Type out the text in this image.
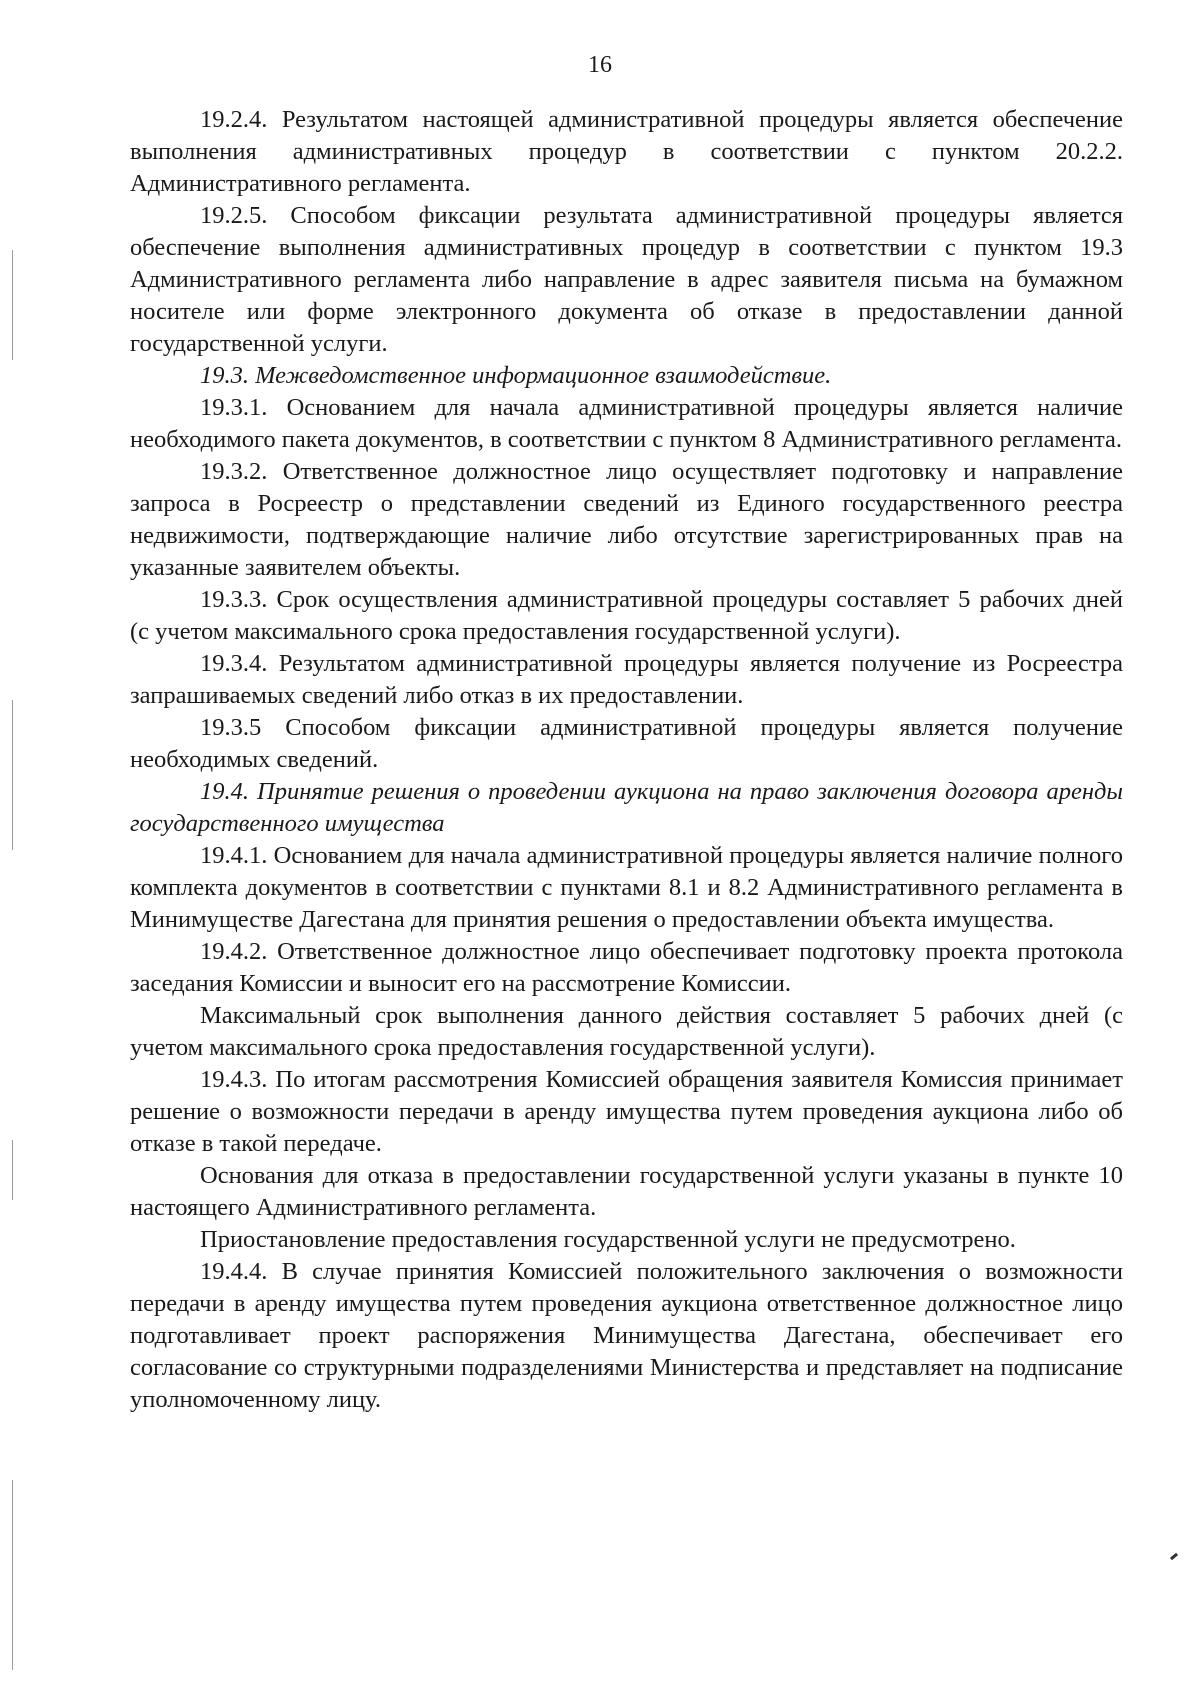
16

19.2.4. Результатом настоящей административной процедуры является обеспечение выполнения административных процедур в соответствии с пунктом 20.2.2. Административного регламента.

19.2.5. Способом фиксации результата административной процедуры является обеспечение выполнения административных процедур в соответствии с пунктом 19.3 Административного регламента либо направление в адрес заявителя письма на бумажном носителе или форме электронного документа об отказе в предоставлении данной государственной услуги.

19.3. Межведомственное информационное взаимодействие.

19.3.1. Основанием для начала административной процедуры является наличие необходимого пакета документов, в соответствии с пунктом 8 Административного регламента.

19.3.2. Ответственное должностное лицо осуществляет подготовку и направление запроса в Росреестр о представлении сведений из Единого государственного реестра недвижимости, подтверждающие наличие либо отсутствие зарегистрированных прав на указанные заявителем объекты.

19.3.3. Срок осуществления административной процедуры составляет 5 рабочих дней (с учетом максимального срока предоставления государственной услуги).

19.3.4. Результатом административной процедуры является получение из Росреестра запрашиваемых сведений либо отказ в их предоставлении.

19.3.5 Способом фиксации административной процедуры является получение необходимых сведений.

19.4. Принятие решения о проведении аукциона на право заключения договора аренды государственного имущества

19.4.1. Основанием для начала административной процедуры является наличие полного комплекта документов в соответствии с пунктами 8.1 и 8.2 Административного регламента в Минимуществе Дагестана для принятия решения о предоставлении объекта имущества.

19.4.2. Ответственное должностное лицо обеспечивает подготовку проекта протокола заседания Комиссии и выносит его на рассмотрение Комиссии.

Максимальный срок выполнения данного действия составляет 5 рабочих дней (с учетом максимального срока предоставления государственной услуги).

19.4.3. По итогам рассмотрения Комиссией обращения заявителя Комиссия принимает решение о возможности передачи в аренду имущества путем проведения аукциона либо об отказе в такой передаче.

Основания для отказа в предоставлении государственной услуги указаны в пункте 10 настоящего Административного регламента.

Приостановление предоставления государственной услуги не предусмотрено.

19.4.4. В случае принятия Комиссией положительного заключения о возможности передачи в аренду имущества путем проведения аукциона ответственное должностное лицо подготавливает проект распоряжения Минимущества Дагестана, обеспечивает его согласование со структурными подразделениями Министерства и представляет на подписание уполномоченному лицу.
